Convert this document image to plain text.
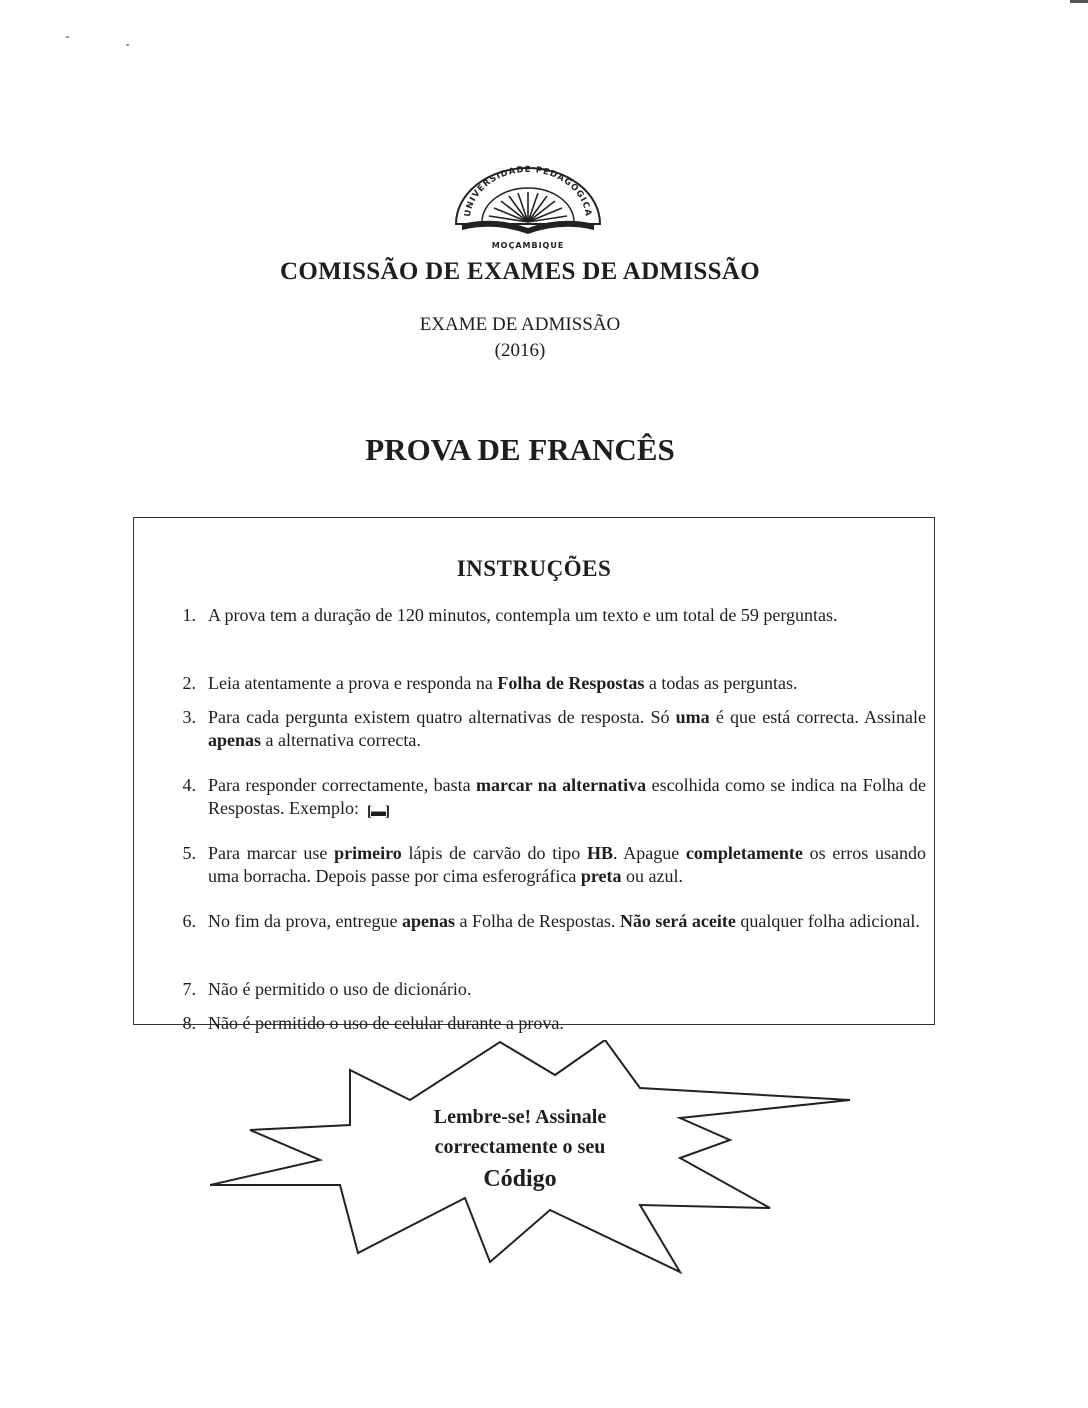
UNIVERSIDADE PEDAGÓGICA
MOÇAMBIQUE
COMISSÃO DE EXAMES DE ADMISSÃO
EXAME DE ADMISSÃO
(2016)
PROVA DE FRANCÊS
INSTRUÇÕES
1. A prova tem a duração de 120 minutos, contempla um texto e um total de 59 perguntas.
2. Leia atentamente a prova e responda na Folha de Respostas a todas as perguntas.
3. Para cada pergunta existem quatro alternativas de resposta. Só uma é que está correcta. Assinale apenas a alternativa correcta.
4. Para responder correctamente, basta marcar na alternativa escolhida como se indica na Folha de Respostas. Exemplo: [▬]
5. Para marcar use primeiro lápis de carvão do tipo HB. Apague completamente os erros usando uma borracha. Depois passe por cima esferográfica preta ou azul.
6. No fim da prova, entregue apenas a Folha de Respostas. Não será aceite qualquer folha adicional.
7. Não é permitido o uso de dicionário.
8. Não é permitido o uso de celular durante a prova.
Lembre-se! Assinale
correctamente o seu
Código
